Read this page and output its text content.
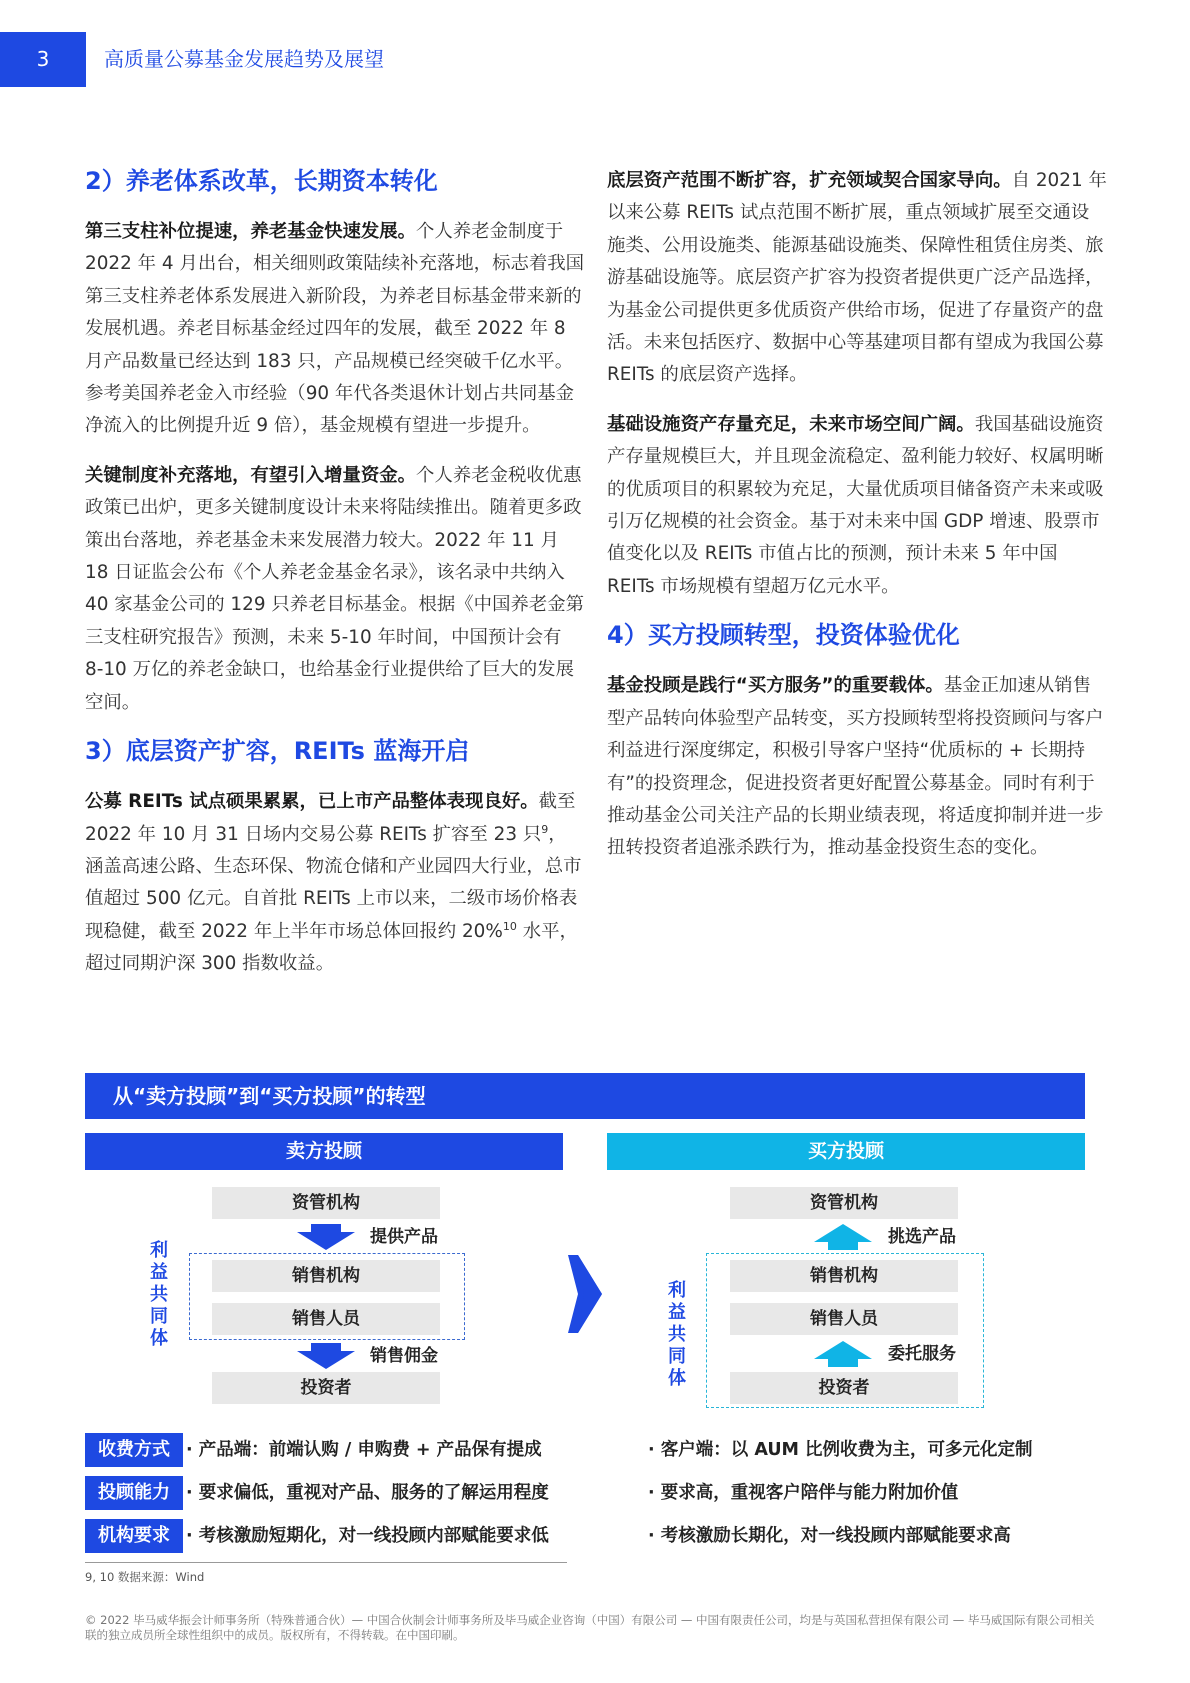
3	高质量公募基金发展趋势及展望
2）养老体系改革，长期资本转化

第三支柱补位提速，养老基金快速发展。个人养老金制度于 2022 年 4 月出台，相关细则政策陆续补充落地，标志着我国第三支柱养老体系发展进入新阶段，为养老目标基金带来新的发展机遇。养老目标基金经过四年的发展，截至 2022 年 8 月产品数量已经达到 183 只，产品规模已经突破千亿水平。参考美国养老金入市经验（90 年代各类退休计划占共同基金净流入的比例提升近 9 倍），基金规模有望进一步提升。

关键制度补充落地，有望引入增量资金。个人养老金税收优惠政策已出炉，更多关键制度设计未来将陆续推出。随着更多政策出台落地，养老基金未来发展潜力较大。2022 年 11 月 18 日证监会公布《个人养老金基金名录》，该名录中共纳入 40 家基金公司的 129 只养老目标基金。根据《中国养老金第三支柱研究报告》预测，未来 5-10 年时间，中国预计会有 8-10 万亿的养老金缺口，也给基金行业提供给了巨大的发展空间。

3）底层资产扩容，REITs 蓝海开启

公募 REITs 试点硕果累累，已上市产品整体表现良好。截至 2022 年 10 月 31 日场内交易公募 REITs 扩容至 23 只$^9$，涵盖高速公路、生态环保、物流仓储和产业园四大行业，总市值超过 500 亿元。自首批 REITs 上市以来，二级市场价格表现稳健，截至 2022 年上半年市场总体回报约 20%$^{10}$ 水平，超过同期沪深 300 指数收益。

底层资产范围不断扩容，扩充领域契合国家导向。自 2021 年以来公募 REITs 试点范围不断扩展，重点领域扩展至交通设施类、公用设施类、能源基础设施类、保障性租赁住房类、旅游基础设施等。底层资产扩容为投资者提供更广泛产品选择，为基金公司提供更多优质资产供给市场，促进了存量资产的盘活。未来包括医疗、数据中心等基建项目都有望成为我国公募 REITs 的底层资产选择。

基础设施资产存量充足，未来市场空间广阔。我国基础设施资产存量规模巨大，并且现金流稳定、盈利能力较好、权属明晰的优质项目的积累较为充足，大量优质项目储备资产未来或吸引万亿规模的社会资金。基于对未来中国 GDP 增速、股票市值变化以及 REITs 市值占比的预测，预计未来 5 年中国 REITs 市场规模有望超万亿元水平。

4）买方投顾转型，投资体验优化

基金投顾是践行“买方服务”的重要载体。基金正加速从销售型产品转向体验型产品转变，买方投顾转型将投资顾问与客户利益进行深度绑定，积极引导客户坚持“优质标的 + 长期持有”的投资理念，促进投资者更好配置公募基金。同时有利于推动基金公司关注产品的长期业绩表现，将适度抑制并进一步扭转投资者追涨杀跌行为，推动基金投资生态的变化。

从“卖方投顾”到“买方投顾”的转型
卖方投顾
资管机构
提供产品
销售机构
销售人员
销售佣金
投资者
利
益
共
同
体
买方投顾
资管机构
挑选产品
销售机构
销售人员
委托服务
投资者
利
益
共
同
体
收费方式 · 产品端：前端认购 / 申购费 + 产品保有提成	· 客户端：以 AUM 比例收费为主，可多元化定制
投顾能力 · 要求偏低，重视对产品、服务的了解运用程度	· 要求高，重视客户陪伴与能力附加价值
机构要求 · 考核激励短期化，对一线投顾内部赋能要求低	· 考核激励长期化，对一线投顾内部赋能要求高
9, 10 数据来源：Wind
© 2022 毕马威华振会计师事务所（特殊普通合伙）— 中国合伙制会计师事务所及毕马威企业咨询（中国）有限公司 — 中国有限责任公司，均是与英国私营担保有限公司 — 毕马威国际有限公司相关联的独立成员所全球性组织中的成员。版权所有，不得转载。在中国印刷。
